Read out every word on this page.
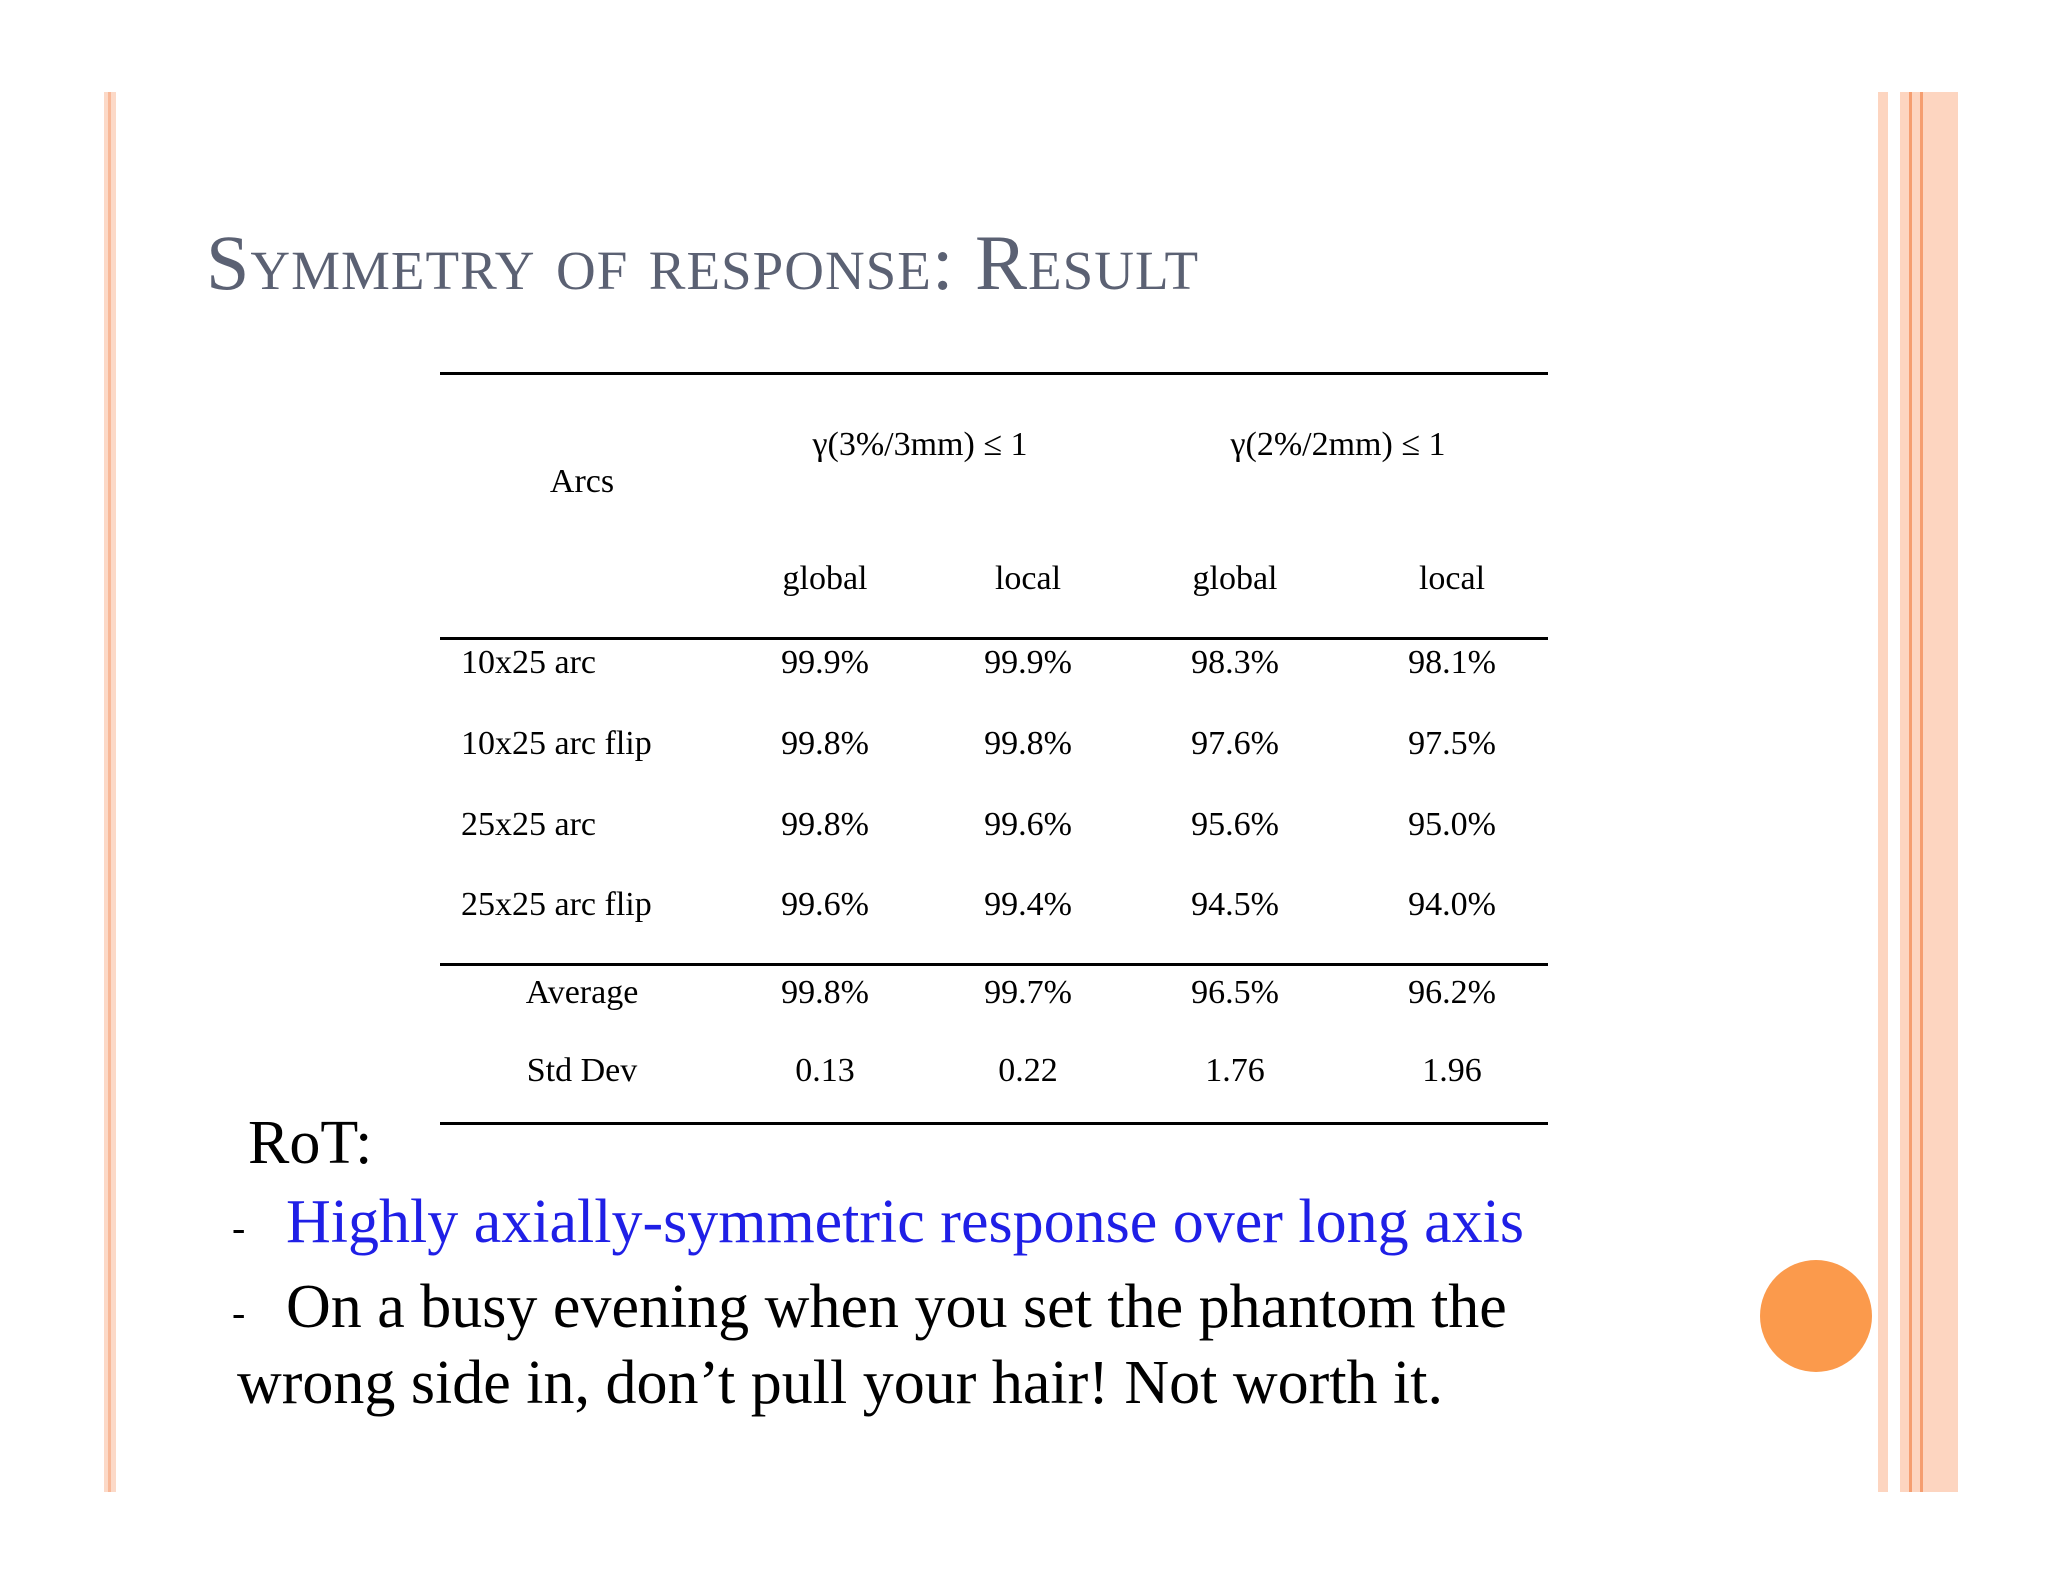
Symmetry of response: Result
Arcs
γ(3%/3mm) ≤ 1	γ(2%/2mm) ≤ 1
global	local	global	local
10x25 arc	99.9%	99.9%	98.3%	98.1%
10x25 arc flip	99.8%	99.8%	97.6%	97.5%
25x25 arc	99.8%	99.6%	95.6%	95.0%
25x25 arc flip	99.6%	99.4%	94.5%	94.0%
Average	99.8%	99.7%	96.5%	96.2%
Std Dev	0.13	0.22	1.76	1.96
RoT:
- Highly axially-symmetric response over long axis
- On a busy evening when you set the phantom the
wrong side in, don’t pull your hair! Not worth it.
